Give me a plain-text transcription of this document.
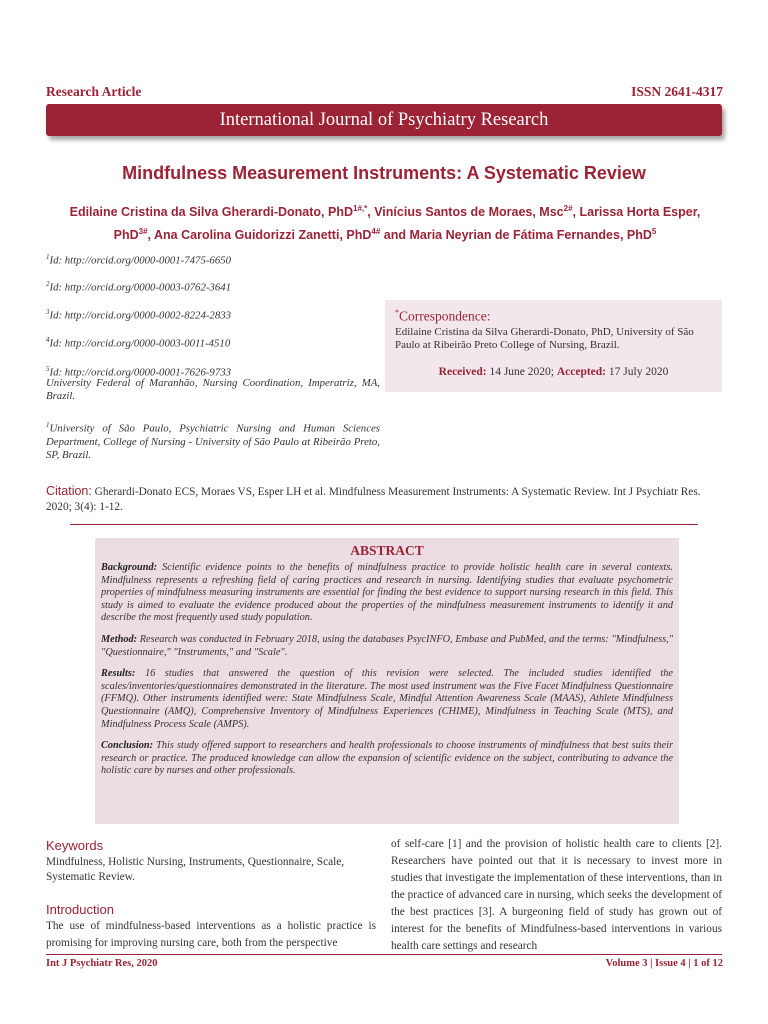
Research Article	ISSN 2641-4317
International Journal of Psychiatry Research
Mindfulness Measurement Instruments: A Systematic Review
Edilaine Cristina da Silva Gherardi-Donato, PhD$^{1\#,*}$, Vinícius Santos de Moraes, Msc$^{2\#}$, Larissa Horta Esper, PhD$^{3\#}$, Ana Carolina Guidorizzi Zanetti, PhD$^{4\#}$ and Maria Neyrian de Fátima Fernandes, PhD$^5$
$^1$Id: http://orcid.org/0000-0001-7475-6650
$^2$Id: http://orcid.org/0000-0003-0762-3641
$^3$Id: http://orcid.org/0000-0002-8224-2833
$^4$Id: http://orcid.org/0000-0003-0011-4510
$^5$Id: http://orcid.org/0000-0001-7626-9733
University Federal of Maranhão, Nursing Coordination, Imperatriz, MA, Brazil.
$^1$University of São Paulo, Psychiatric Nursing and Human Sciences Department, College of Nursing - University of São Paulo at Ribeirão Preto, SP, Brazil.
*Correspondence:
Edilaine Cristina da Silva Gherardi-Donato, PhD, University of São Paulo at Ribeirão Preto College of Nursing, Brazil.
Received: 14 June 2020; Accepted: 17 July 2020
Citation: Gherardi-Donato ECS, Moraes VS, Esper LH et al. Mindfulness Measurement Instruments: A Systematic Review. Int J Psychiatr Res. 2020; 3(4): 1-12.
ABSTRACT

Background: Scientific evidence points to the benefits of mindfulness practice to provide holistic health care in several contexts. Mindfulness represents a refreshing field of caring practices and research in nursing. Identifying studies that evaluate psychometric properties of mindfulness measuring instruments are essential for finding the best evidence to support nursing research in this field. This study is aimed to evaluate the evidence produced about the properties of the mindfulness measurement instruments to identify it and describe the most frequently used study population.

Method: Research was conducted in February 2018, using the databases PsycINFO, Embase and PubMed, and the terms: "Mindfulness," "Questionnaire," "Instruments," and "Scale".

Results: 16 studies that answered the question of this revision were selected. The included studies identified the scales/inventories/questionnaires demonstrated in the literature. The most used instrument was the Five Facet Mindfulness Questionnaire (FFMQ). Other instruments identified were: State Mindfulness Scale, Mindful Attention Awareness Scale (MAAS), Athlete Mindfulness Questionnaire (AMQ), Comprehensive Inventory of Mindfulness Experiences (CHIME), Mindfulness in Teaching Scale (MTS), and Mindfulness Process Scale (AMPS).

Conclusion: This study offered support to researchers and health professionals to choose instruments of mindfulness that best suits their research or practice. The produced knowledge can allow the expansion of scientific evidence on the subject, contributing to advance the holistic care by nurses and other professionals.

Keywords
Mindfulness, Holistic Nursing, Instruments, Questionnaire, Scale, Systematic Review.
Introduction
The use of mindfulness-based interventions as a holistic practice is promising for improving nursing care, both from the perspective
of self-care [1] and the provision of holistic health care to clients [2]. Researchers have pointed out that it is necessary to invest more in studies that investigate the implementation of these interventions, than in the practice of advanced care in nursing, which seeks the development of the best practices [3]. A burgeoning field of study has grown out of interest for the benefits of Mindfulness-based interventions in various health care settings and research
Int J Psychiatr Res, 2020	Volume 3 | Issue 4 | 1 of 12
